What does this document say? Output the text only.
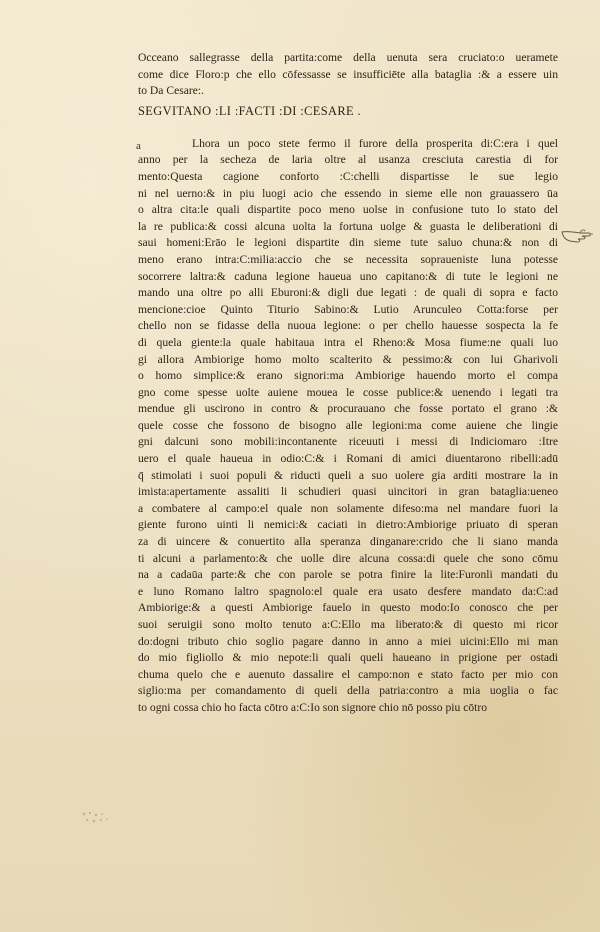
Occeano sallegrasse della partita:come della uenuta sera cruciato:o ueramete
come dice Floro:p che ello cōfessasse se insufficiēte alla bataglia :& a essere uin
to Da Cesare:.
SEGVITANO :LI :FACTI :DI :CESARE .
Lhora un poco stete fermo il furore della prosperita di:C:era i quel
anno per la secheza de laria oltre al usanza cresciuta carestia di for
mento:Questa cagione conforto :C:chelli dispartisse le sue legio
ni nel uerno:& in piu luogi acio che essendo in sieme elle non grauassero ūa
o altra cita:le quali dispartite poco meno uolse in confusione tuto lo stato del
la re publica:& cossi alcuna uolta la fortuna uolge & guasta le deliberationi di
saui homeni:Erāo le legioni dispartite din sieme tute saluo chuna:& non di
meno erano intra:C:milia:accio che se necessita sopraueniste luna potesse
socorrere laltra:& caduna legione haueua uno capitano:& di tute le legioni ne
mando una oltre po alli Eburoni:& digli due legati : de quali di sopra e facto
mencione:cioe Quinto Titurio Sabino:& Lutio Arunculeo Cotta:forse per
chello non se fidasse della nuoua legione: o per chello hauesse sospecta la fe
di quela giente:la quale habitaua intra el Rheno:& Mosa fiume:ne quali luo
gi allora Ambiorige homo molto scalterito & pessimo:& con lui Gharivoli
o homo simplice:& erano signori:ma Ambiorige hauendo morto el compa
gno come spesse uolte auiene mouea le cosse publice:& uenendo i legati tra
mendue gli uscirono in contro & procurauano che fosse portato el grano :&
quele cosse che fossono de bisogno alle legioni:ma come auiene che lingie
gni dalcuni sono mobili:incontanente riceuuti i messi di Indiciomaro :Itre
uero el quale haueua in odio:C:& i Romani di amici diuentarono ribelli:adū
q̄ stimolati i suoi populi & riducti queli a suo uolere gia arditi mostrare la in
imista:apertamente assaliti li schudieri quasi uincitori in gran bataglia:ueneo
a combatere al campo:el quale non solamente difeso:ma nel mandare fuori la
giente furono uinti li nemici:& caciati in dietro:Ambiorige priuato di speran
za di uincere & conuertito alla speranza dinganare:crido che li siano manda
ti alcuni a parlamento:& che uolle dire alcuna cossa:di quele che sono cōmu
na a cadaūa parte:& che con parole se potra finire la lite:Furonli mandati du
e luno Romano laltro spagnolo:el quale era usato desfere mandato da:C:ad
Ambiorige:& a questi Ambiorige fauelo in questo modo:Io conosco che per
suoi seruigii sono molto tenuto a:C:Ello ma liberato:& di questo mi ricor
do:dogni tributo chio soglio pagare danno in anno a miei uicini:Ello mi man
do mio figliollo & mio nepote:li quali queli haueano in prigione per ostadi
chuma quelo che e auenuto dassalire el campo:non e stato facto per mio con
siglio:ma per comandamento di queli della patria:contro a mia uoglia o fac
to ogni cossa chio ho facta cōtro a:C:Io son signore chio nō posso piu cōtro
a
